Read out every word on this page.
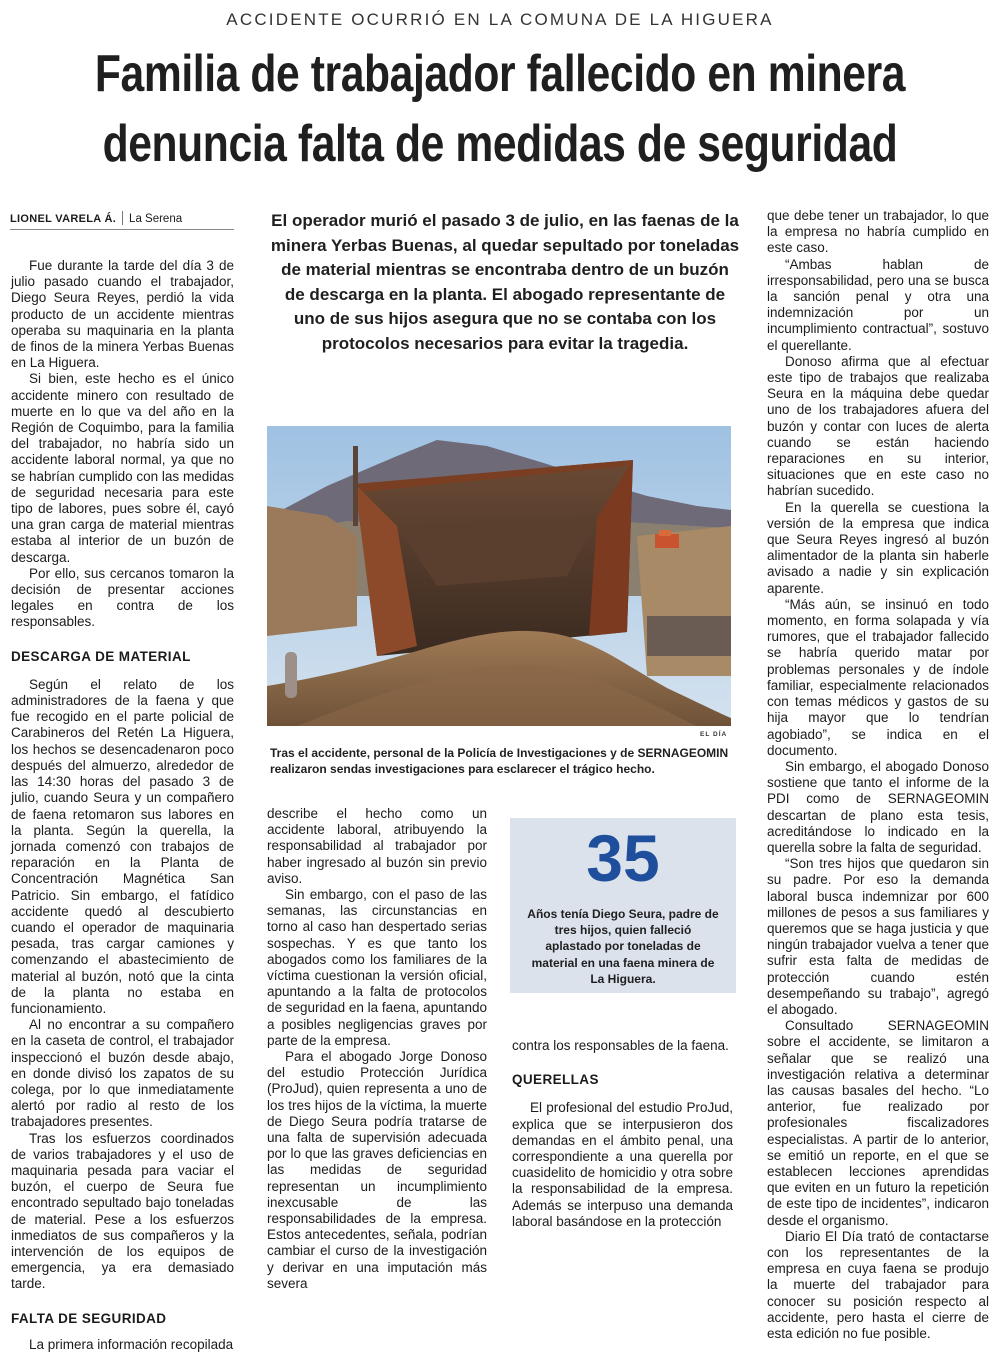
ACCIDENTE OCURRIÓ EN LA COMUNA DE LA HIGUERA
Familia de trabajador fallecido en minera
denuncia falta de medidas de seguridad
LIONEL VARELA Á. La Serena

Fue durante la tarde del día 3 de julio pasado cuando el trabajador, Diego Seura Reyes, perdió la vida producto de un accidente mientras operaba su maquinaria en la planta de finos de la minera Yerbas Buenas en La Higuera.

Si bien, este hecho es el único accidente minero con resultado de muerte en lo que va del año en la Región de Coquimbo, para la familia del trabajador, no habría sido un accidente laboral normal, ya que no se habrían cumplido con las medidas de seguridad necesaria para este tipo de labores, pues sobre él, cayó una gran carga de material mientras estaba al interior de un buzón de descarga.

Por ello, sus cercanos tomaron la decisión de presentar acciones legales en contra de los responsables.

DESCARGA DE MATERIAL

Según el relato de los administradores de la faena y que fue recogido en el parte policial de Carabineros del Retén La Higuera, los hechos se desencadenaron poco después del almuerzo, alrededor de las 14:30 horas del pasado 3 de julio, cuando Seura y un compañero de faena retomaron sus labores en la planta. Según la querella, la jornada comenzó con trabajos de reparación en la Planta de Concentración Magnética San Patricio. Sin embargo, el fatídico accidente quedó al descubierto cuando el operador de maquinaria pesada, tras cargar camiones y comenzando el abastecimiento de material al buzón, notó que la cinta de la planta no estaba en funcionamiento.

Al no encontrar a su compañero en la caseta de control, el trabajador inspeccionó el buzón desde abajo, en donde divisó los zapatos de su colega, por lo que inmediatamente alertó por radio al resto de los trabajadores presentes.

Tras los esfuerzos coordinados de varios trabajadores y el uso de maquinaria pesada para vaciar el buzón, el cuerpo de Seura fue encontrado sepultado bajo toneladas de material. Pese a los esfuerzos inmediatos de sus compañeros y la intervención de los equipos de emergencia, ya era demasiado tarde.

FALTA DE SEGURIDAD

La primera información recopilada

El operador murió el pasado 3 de julio, en las faenas de la minera Yerbas Buenas, al quedar sepultado por toneladas de material mientras se encontraba dentro de un buzón de descarga en la planta. El abogado representante de uno de sus hijos asegura que no se contaba con los protocolos necesarios para evitar la tragedia.
EL DÍA
Tras el accidente, personal de la Policía de Investigaciones y de SERNAGEOMIN realizaron sendas investigaciones para esclarecer el trágico hecho.

describe el hecho como un accidente laboral, atribuyendo la responsabilidad al trabajador por haber ingresado al buzón sin previo aviso.

Sin embargo, con el paso de las semanas, las circunstancias en torno al caso han despertado serias sospechas. Y es que tanto los abogados como los familiares de la víctima cuestionan la versión oficial, apuntando a la falta de protocolos de seguridad en la faena, apuntando a posibles negligencias graves por parte de la empresa.

Para el abogado Jorge Donoso del estudio Protección Jurídica (ProJud), quien representa a uno de los tres hijos de la víctima, la muerte de Diego Seura podría tratarse de una falta de supervisión adecuada por lo que las graves deficiencias en las medidas de seguridad representan un incumplimiento inexcusable de las responsabilidades de la empresa. Estos antecedentes, señala, podrían cambiar el curso de la investigación y derivar en una imputación más severa

35
Años tenía Diego Seura, padre de tres hijos, quien falleció aplastado por toneladas de material en una faena minera de La Higuera.

contra los responsables de la faena.

QUERELLAS

El profesional del estudio ProJud, explica que se interpusieron dos demandas en el ámbito penal, una correspondiente a una querella por cuasidelito de homicidio y otra sobre la responsabilidad de la empresa. Además se interpuso una demanda laboral basándose en la protección

que debe tener un trabajador, lo que la empresa no habría cumplido en este caso.

“Ambas hablan de irresponsabilidad, pero una se busca la sanción penal y otra una indemnización por un incumplimiento contractual”, sostuvo el querellante.

Donoso afirma que al efectuar este tipo de trabajos que realizaba Seura en la máquina debe quedar uno de los trabajadores afuera del buzón y contar con luces de alerta cuando se están haciendo reparaciones en su interior, situaciones que en este caso no habrían sucedido.

En la querella se cuestiona la versión de la empresa que indica que Seura Reyes ingresó al buzón alimentador de la planta sin haberle avisado a nadie y sin explicación aparente.

“Más aún, se insinuó en todo momento, en forma solapada y vía rumores, que el trabajador fallecido se habría querido matar por problemas personales y de índole familiar, especialmente relacionados con temas médicos y gastos de su hija mayor que lo tendrían agobiado”, se indica en el documento.

Sin embargo, el abogado Donoso sostiene que tanto el informe de la PDI como de SERNAGEOMIN descartan de plano esta tesis, acreditándose lo indicado en la querella sobre la falta de seguridad.

“Son tres hijos que quedaron sin su padre. Por eso la demanda laboral busca indemnizar por 600 millones de pesos a sus familiares y queremos que se haga justicia y que ningún trabajador vuelva a tener que sufrir esta falta de medidas de protección cuando estén desempeñando su trabajo”, agregó el abogado.

Consultado SERNAGEOMIN sobre el accidente, se limitaron a señalar que se realizó una investigación relativa a determinar las causas basales del hecho. “Lo anterior, fue realizado por profesionales fiscalizadores especialistas. A partir de lo anterior, se emitió un reporte, en el que se establecen lecciones aprendidas que eviten en un futuro la repetición de este tipo de incidentes”, indicaron desde el organismo.

Diario El Día trató de contactarse con los representantes de la empresa en cuya faena se produjo la muerte del trabajador para conocer su posición respecto al accidente, pero hasta el cierre de esta edición no fue posible.
